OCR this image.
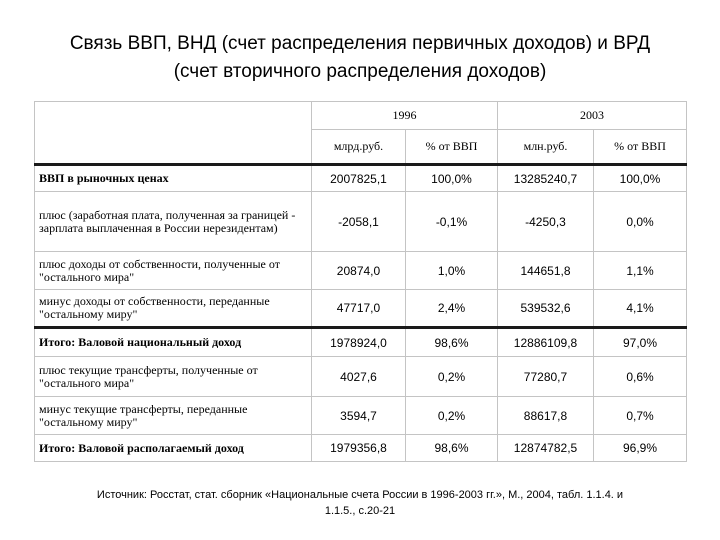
Связь ВВП, ВНД (счет распределения первичных доходов) и ВРД
(счет вторичного распределения доходов)
	1996		2003	
	млрд.руб.	% от ВВП	млн.руб.	% от ВВП
ВВП в рыночных ценах	2007825,1	100,0%	13285240,7	100,0%
плюс (заработная плата, полученная за границей - зарплата выплаченная в России нерезидентам)	-2058,1	-0,1%	-4250,3	0,0%
плюс доходы от собственности, полученные от "остального мира"	20874,0	1,0%	144651,8	1,1%
минус доходы от собственности, переданные "остальному миру"	47717,0	2,4%	539532,6	4,1%
Итого: Валовой национальный доход	1978924,0	98,6%	12886109,8	97,0%
плюс текущие трансферты, полученные от "остального мира"	4027,6	0,2%	77280,7	0,6%
минус текущие трансферты, переданные "остальному миру"	3594,7	0,2%	88617,8	0,7%
Итого: Валовой располагаемый доход	1979356,8	98,6%	12874782,5	96,9%
Источник: Росстат, стат. сборник «Национальные счета России в 1996-2003 гг.», М., 2004, табл. 1.1.4. и
1.1.5., с.20-21
